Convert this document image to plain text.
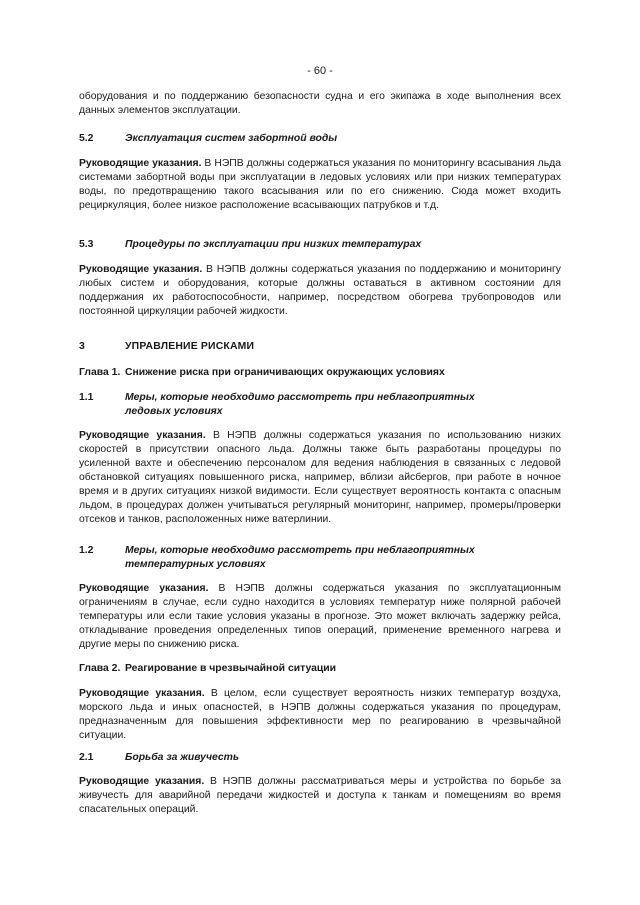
- 60 -

оборудования и по поддержанию безопасности судна и его экипажа в ходе выполнения всех данных элементов эксплуатации.

5.2	Эксплуатация систем забортной воды

Руководящие указания. В НЭПВ должны содержаться указания по мониторингу всасывания льда системами забортной воды при эксплуатации в ледовых условиях или при низких температурах воды, по предотвращению такого всасывания или по его снижению. Сюда может входить рециркуляция, более низкое расположение всасывающих патрубков и т.д.

5.3	Процедуры по эксплуатации при низких температурах

Руководящие указания. В НЭПВ должны содержаться указания по поддержанию и мониторингу любых систем и оборудования, которые должны оставаться в активном состоянии для поддержания их работоспособности, например, посредством обогрева трубопроводов или постоянной циркуляции рабочей жидкости.

3	УПРАВЛЕНИЕ РИСКАМИ
Глава 1. Снижение риска при ограничивающих окружающих условиях
1.1	Меры, которые необходимо рассмотреть при неблагоприятных
ледовых условиях

Руководящие указания. В НЭПВ должны содержаться указания по использованию низких скоростей в присутствии опасного льда. Должны также быть разработаны процедуры по усиленной вахте и обеспечению персоналом для ведения наблюдения в связанных с ледовой обстановкой ситуациях повышенного риска, например, вблизи айсбергов, при работе в ночное время и в других ситуациях низкой видимости. Если существует вероятность контакта с опасным льдом, в процедурах должен учитываться регулярный мониторинг, например, промеры/проверки отсеков и танков, расположенных ниже ватерлинии.

1.2	Меры, которые необходимо рассмотреть при неблагоприятных
температурных условиях

Руководящие указания. В НЭПВ должны содержаться указания по эксплуатационным ограничениям в случае, если судно находится в условиях температур ниже полярной рабочей температуры или если такие условия указаны в прогнозе. Это может включать задержку рейса, откладывание проведения определенных типов операций, применение временного нагрева и другие меры по снижению риска.

Глава 2. Реагирование в чрезвычайной ситуации

Руководящие указания. В целом, если существует вероятность низких температур воздуха, морского льда и иных опасностей, в НЭПВ должны содержаться указания по процедурам, предназначенным для повышения эффективности мер по реагированию в чрезвычайной ситуации.

2.1	Борьба за живучесть

Руководящие указания. В НЭПВ должны рассматриваться меры и устройства по борьбе за живучесть для аварийной передачи жидкостей и доступа к танкам и помещениям во время спасательных операций.
